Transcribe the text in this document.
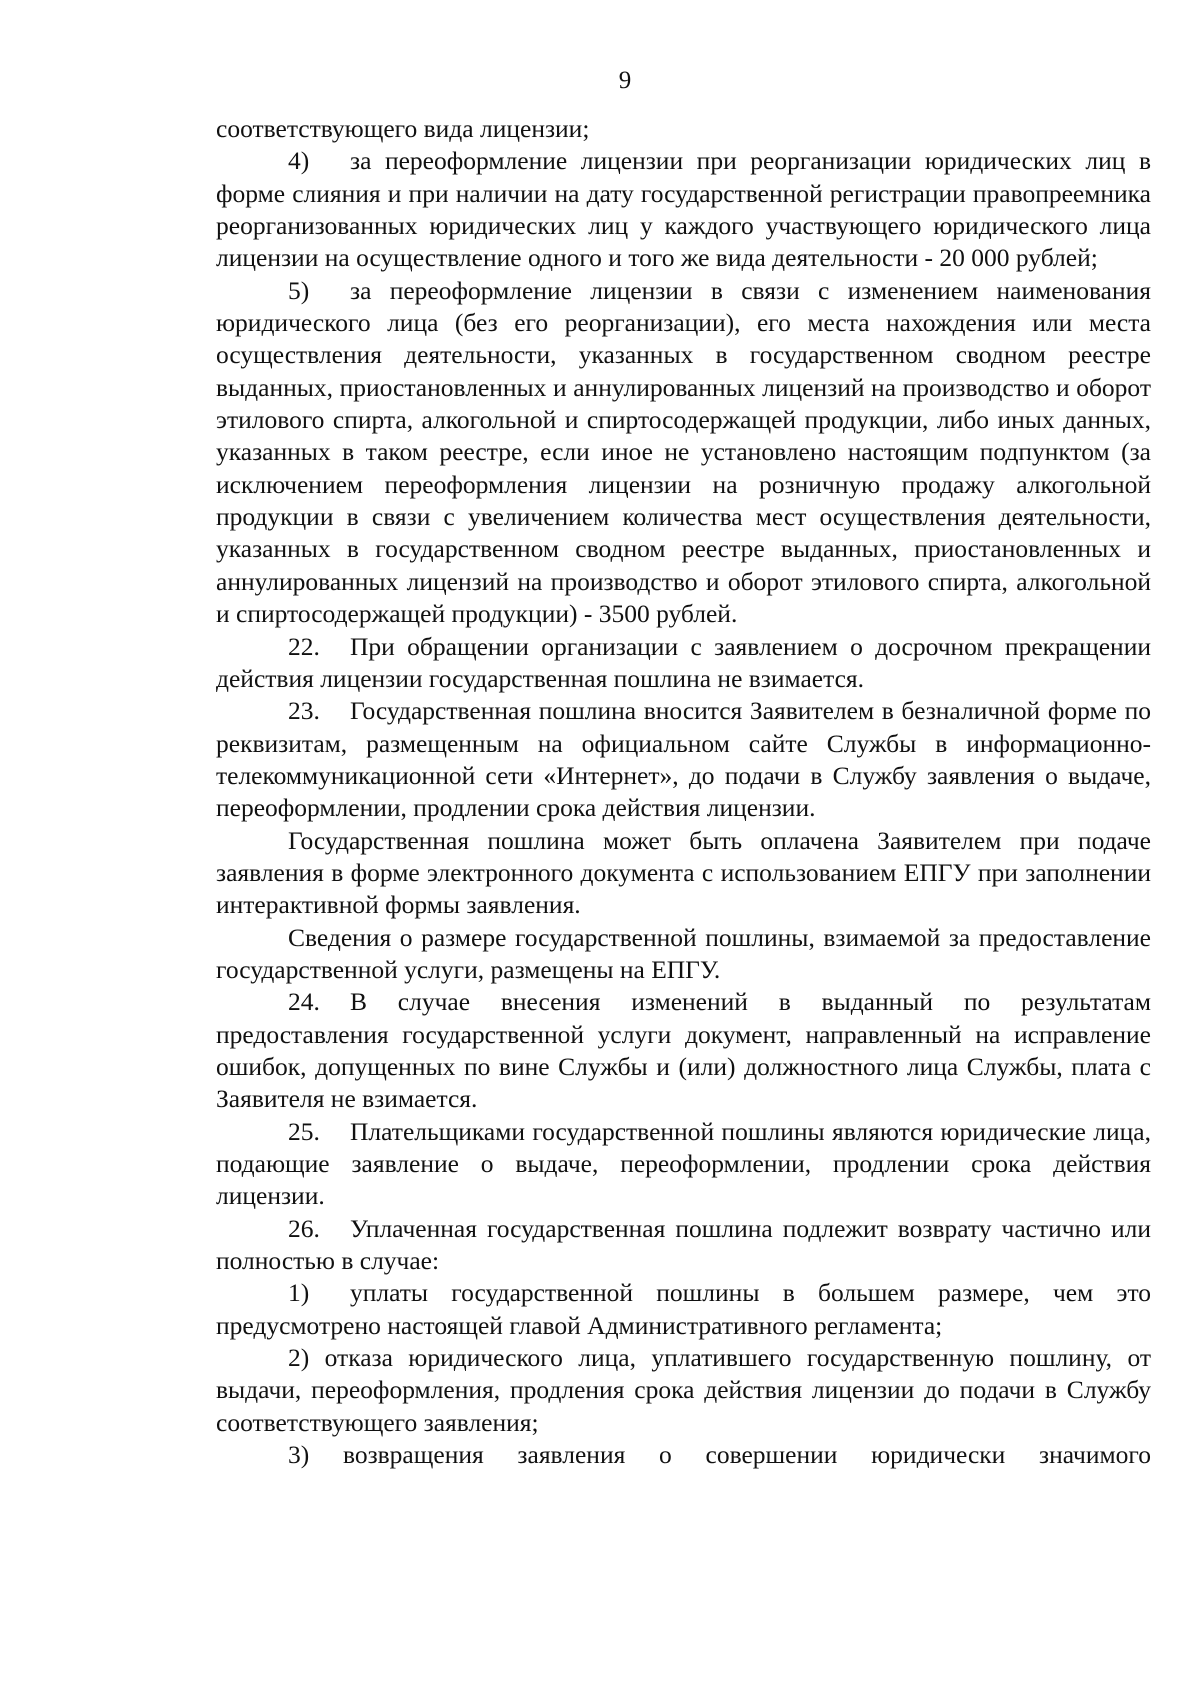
9

соответствующего вида лицензии;

4) за переоформление лицензии при реорганизации юридических лиц в форме слияния и при наличии на дату государственной регистрации правопреемника реорганизованных юридических лиц у каждого участвующего юридического лица лицензии на осуществление одного и того же вида деятельности - 20 000 рублей;

5) за переоформление лицензии в связи с изменением наименования юридического лица (без его реорганизации), его места нахождения или места осуществления деятельности, указанных в государственном сводном реестре выданных, приостановленных и аннулированных лицензий на производство и оборот этилового спирта, алкогольной и спиртосодержащей продукции, либо иных данных, указанных в таком реестре, если иное не установлено настоящим подпунктом (за исключением переоформления лицензии на розничную продажу алкогольной продукции в связи с увеличением количества мест осуществления деятельности, указанных в государственном сводном реестре выданных, приостановленных и аннулированных лицензий на производство и оборот этилового спирта, алкогольной и спиртосодержащей продукции) - 3500 рублей.

22. При обращении организации с заявлением о досрочном прекращении действия лицензии государственная пошлина не взимается.

23. Государственная пошлина вносится Заявителем в безналичной форме по реквизитам, размещенным на официальном сайте Службы в информационно-телекоммуникационной сети «Интернет», до подачи в Службу заявления о выдаче, переоформлении, продлении срока действия лицензии.

Государственная пошлина может быть оплачена Заявителем при подаче заявления в форме электронного документа с использованием ЕПГУ при заполнении интерактивной формы заявления.

Сведения о размере государственной пошлины, взимаемой за предоставление государственной услуги, размещены на ЕПГУ.

24. В случае внесения изменений в выданный по результатам предоставления государственной услуги документ, направленный на исправление ошибок, допущенных по вине Службы и (или) должностного лица Службы, плата с Заявителя не взимается.

25. Плательщиками государственной пошлины являются юридические лица, подающие заявление о выдаче, переоформлении, продлении срока действия лицензии.

26. Уплаченная государственная пошлина подлежит возврату частично или полностью в случае:

1) уплаты государственной пошлины в большем размере, чем это предусмотрено настоящей главой Административного регламента;

2) отказа юридического лица, уплатившего государственную пошлину, от выдачи, переоформления, продления срока действия лицензии до подачи в Службу соответствующего заявления;

3) возвращения заявления о совершении юридически значимого
